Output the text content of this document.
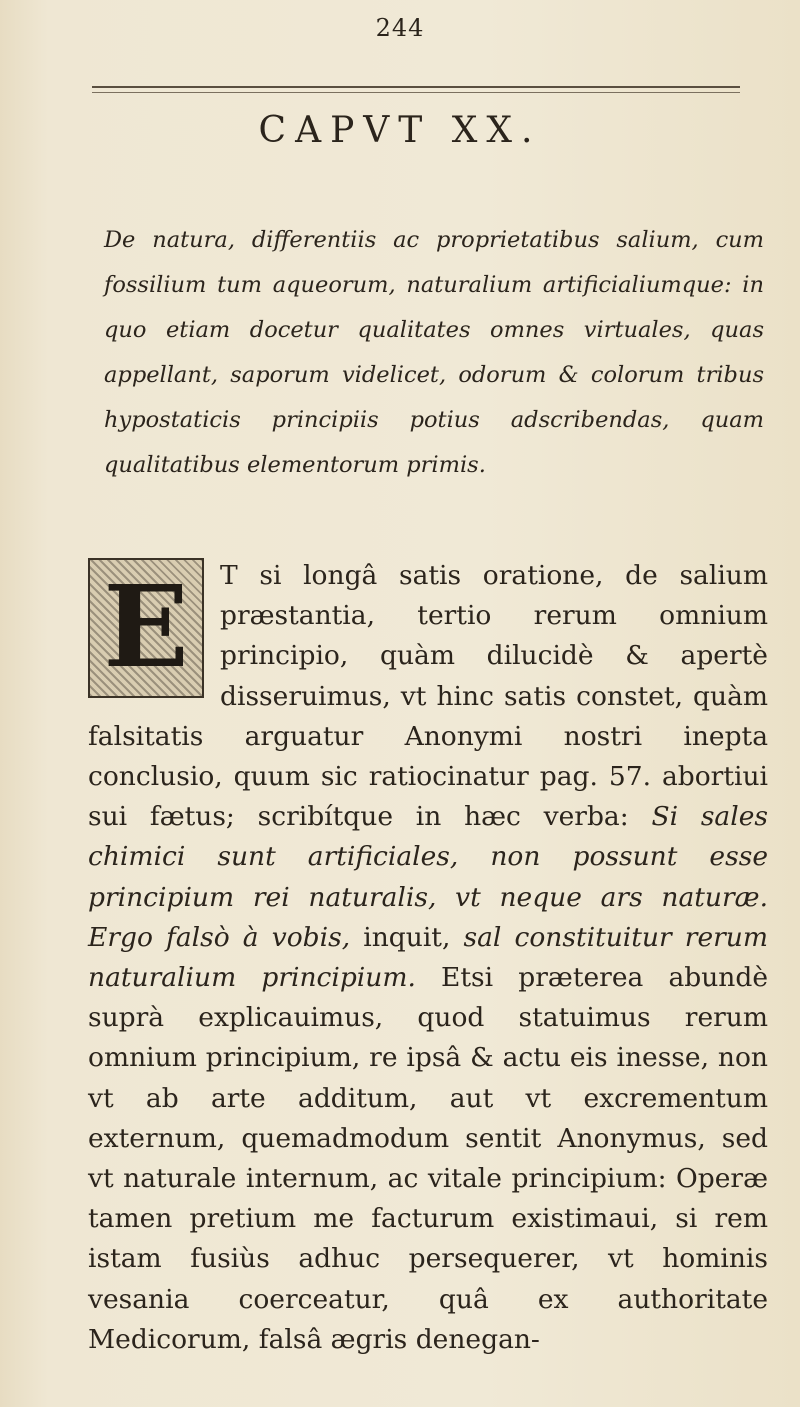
244
CAPVT XX.
De natura, differentiis ac proprietatibus salium, cum fossilium tum aqueorum, naturalium artificialiumque: in quo etiam docetur qualitates omnes virtuales, quas appellant, saporum videlicet, odorum & colorum tribus hypostaticis principiis potius adscribendas, quam qualitatibus elementorum primis.
E	T si longâ satis oratione, de salium præstantia, tertio rerum omnium principio, quàm dilucidè & apertè disseruimus, vt hinc satis constet, quàm falsitatis arguatur Anonymi nostri inepta conclusio, quum sic ratiocinatur pag. 57. abortiui sui fætus; scribítque in hæc verba: Si sales chimici sunt artificiales, non possunt esse principium rei naturalis, vt neque ars naturæ. Ergo falsò à vobis, inquit, sal constituitur rerum naturalium principium. Etsi præterea abundè suprà explicauimus, quod statuimus rerum omnium principium, re ipsâ & actu eis inesse, non vt ab arte additum, aut vt excrementum externum, quemadmodum sentit Anonymus, sed vt naturale internum, ac vitale principium: Operæ tamen pretium me facturum existimaui, si rem istam fusiùs adhuc persequerer, vt hominis vesania coerceatur, quâ ex authoritate Medicorum, falsâ ægris denegan-
